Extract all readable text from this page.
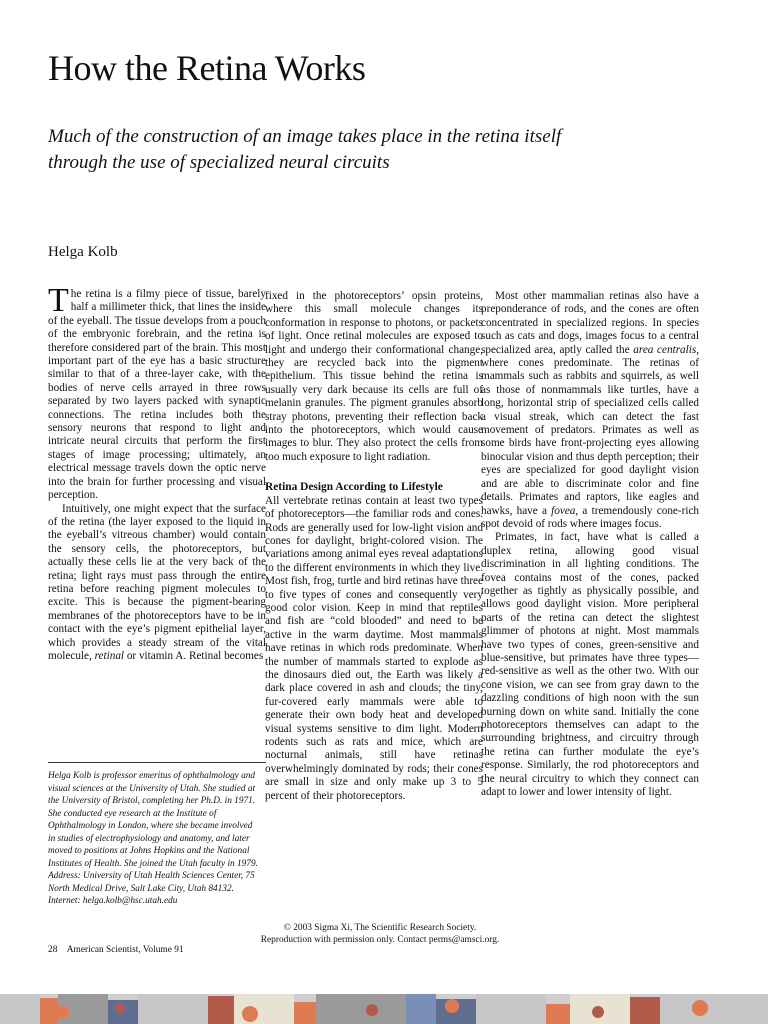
How the Retina Works

Much of the construction of an image takes place in the retina itself through the use of specialized neural circuits

Helga Kolb

The retina is a filmy piece of tissue, barely half a millimeter thick, that lines the inside of the eyeball. The tissue develops from a pouch of the embryonic forebrain, and the retina is therefore considered part of the brain. This most important part of the eye has a basic structure similar to that of a three-layer cake, with the bodies of nerve cells arrayed in three rows separated by two layers packed with synaptic connections. The retina includes both the sensory neurons that respond to light and intricate neural circuits that perform the first stages of image processing; ultimately, an electrical message travels down the optic nerve into the brain for further processing and visual perception.

Intuitively, one might expect that the surface of the retina (the layer exposed to the liquid in the eyeball’s vitreous chamber) would contain the sensory cells, the photoreceptors, but actually these cells lie at the very back of the retina; light rays must pass through the entire retina before reaching pigment molecules to excite. This is because the pigment-bearing membranes of the photoreceptors have to be in contact with the eye’s pigment epithelial layer, which provides a steady stream of the vital molecule, retinal or vitamin A. Retinal becomes

Helga Kolb is professor emeritus of ophthalmology and visual sciences at the University of Utah. She studied at the University of Bristol, completing her Ph.D. in 1971. She conducted eye research at the Institute of Ophthalmology in London, where she became involved in studies of electrophysiology and anatomy, and later moved to positions at Johns Hopkins and the National Institutes of Health. She joined the Utah faculty in 1979. Address: University of Utah Health Sciences Center, 75 North Medical Drive, Salt Lake City, Utah 84132. Internet: helga.kolb@hsc.utah.edu

fixed in the photoreceptors’ opsin proteins, where this small molecule changes its conformation in response to photons, or packets of light. Once retinal molecules are exposed to light and undergo their conformational change, they are recycled back into the pigment epithelium. This tissue behind the retina is usually very dark because its cells are full of melanin granules. The pigment granules absorb stray photons, preventing their reflection back into the photoreceptors, which would cause images to blur. They also protect the cells from too much exposure to light radiation.

Retina Design According to Lifestyle

All vertebrate retinas contain at least two types of photoreceptors—the familiar rods and cones. Rods are generally used for low-light vision and cones for daylight, bright-colored vision. The variations among animal eyes reveal adaptations to the different environments in which they live. Most fish, frog, turtle and bird retinas have three to five types of cones and consequently very good color vision. Keep in mind that reptiles and fish are “cold blooded” and need to be active in the warm daytime. Most mammals have retinas in which rods predominate. When the number of mammals started to explode as the dinosaurs died out, the Earth was likely a dark place covered in ash and clouds; the tiny, fur-covered early mammals were able to generate their own body heat and developed visual systems sensitive to dim light. Modern rodents such as rats and mice, which are nocturnal animals, still have retinas overwhelmingly dominated by rods; their cones are small in size and only make up 3 to 5 percent of their photoreceptors.

Most other mammalian retinas also have a preponderance of rods, and the cones are often concentrated in specialized regions. In species such as cats and dogs, images focus to a central specialized area, aptly called the area centralis, where cones predominate. The retinas of mammals such as rabbits and squirrels, as well as those of nonmammals like turtles, have a long, horizontal strip of specialized cells called a visual streak, which can detect the fast movement of predators. Primates as well as some birds have front-projecting eyes allowing binocular vision and thus depth perception; their eyes are specialized for good daylight vision and are able to discriminate color and fine details. Primates and raptors, like eagles and hawks, have a fovea, a tremendously cone-rich spot devoid of rods where images focus.

Primates, in fact, have what is called a duplex retina, allowing good visual discrimination in all lighting conditions. The fovea contains most of the cones, packed together as tightly as physically possible, and allows good daylight vision. More peripheral parts of the retina can detect the slightest glimmer of photons at night. Most mammals have two types of cones, green-sensitive and blue-sensitive, but primates have three types—red-sensitive as well as the other two. With our cone vision, we can see from gray dawn to the dazzling conditions of high noon with the sun burning down on white sand. Initially the cone photoreceptors themselves can adapt to the surrounding brightness, and circuitry through the retina can further modulate the eye’s response. Similarly, the rod photoreceptors and the neural circuitry to which they connect can adapt to lower and lower intensity of light.

© 2003 Sigma Xi, The Scientific Research Society.
Reproduction with permission only. Contact perms@amsci.org.

28 American Scientist, Volume 91
